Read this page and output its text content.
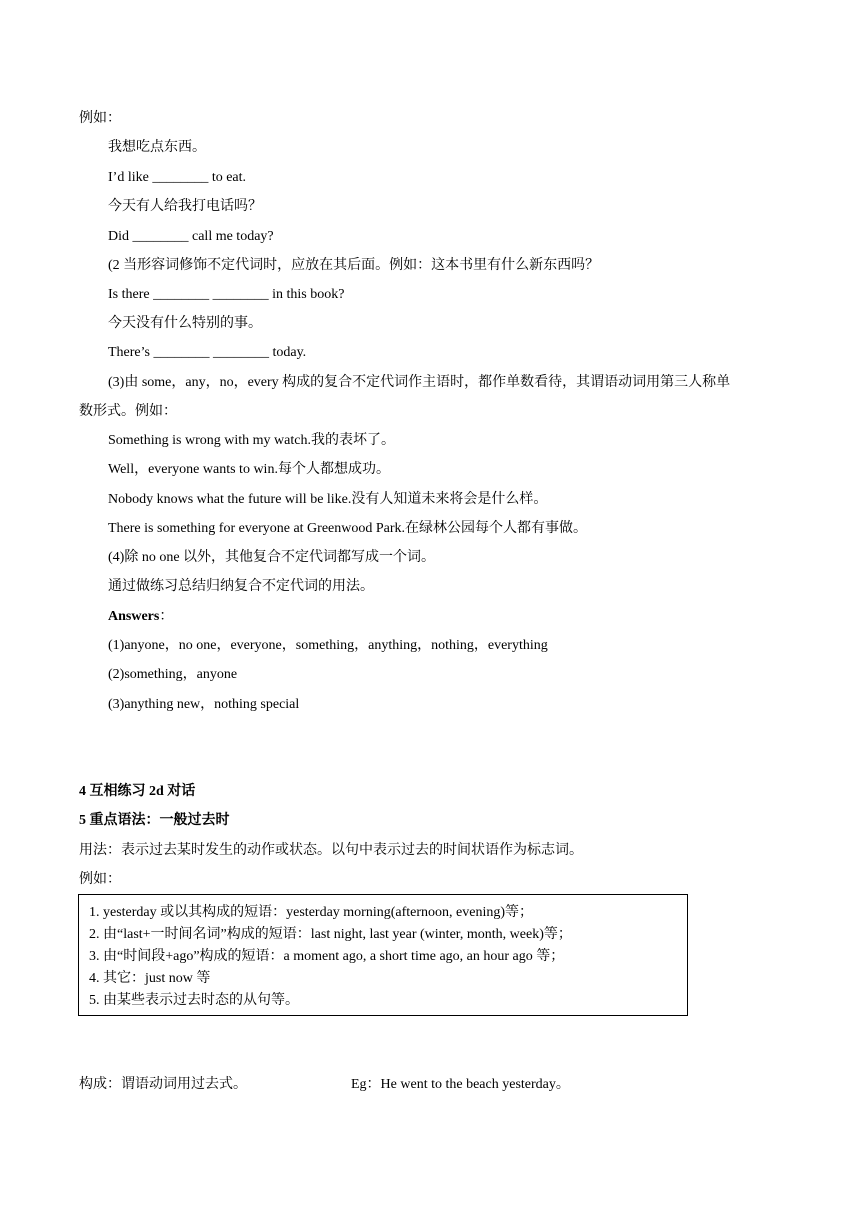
例如：
我想吃点东西。
I’d like ________ to eat.
今天有人给我打电话吗？
Did ________ call me today?
(2 当形容词修饰不定代词时，应放在其后面。例如：这本书里有什么新东西吗？
Is there ________ ________ in this book?
今天没有什么特别的事。
There’s ________ ________ today.
(3)由 some，any，no，every 构成的复合不定代词作主语时，都作单数看待，其谓语动词用第三人称单
数形式。例如：
Something is wrong with my watch.我的表坏了。
Well，everyone wants to win.每个人都想成功。
Nobody knows what the future will be like.没有人知道未来将会是什么样。
There is something for everyone at Greenwood Park.在绿林公园每个人都有事做。
(4)除 no one 以外，其他复合不定代词都写成一个词。
通过做练习总结归纳复合不定代词的用法。
Answers：
(1)anyone，no one，everyone，something，anything，nothing，everything
(2)something，anyone
(3)anything new，nothing special
4 互相练习 2d 对话
5 重点语法：一般过去时
用法：表示过去某时发生的动作或状态。以句中表示过去的时间状语作为标志词。
例如：
1. yesterday 或以其构成的短语：yesterday morning(afternoon, evening)等；
2. 由“last+一时间名词”构成的短语：last night, last year (winter, month, week)等；
3. 由“时间段+ago”构成的短语：a moment ago, a short time ago, an hour ago 等；
4. 其它：just now 等
5. 由某些表示过去时态的从句等。
构成：谓语动词用过去式。	Eg：He went to the beach yesterday。
